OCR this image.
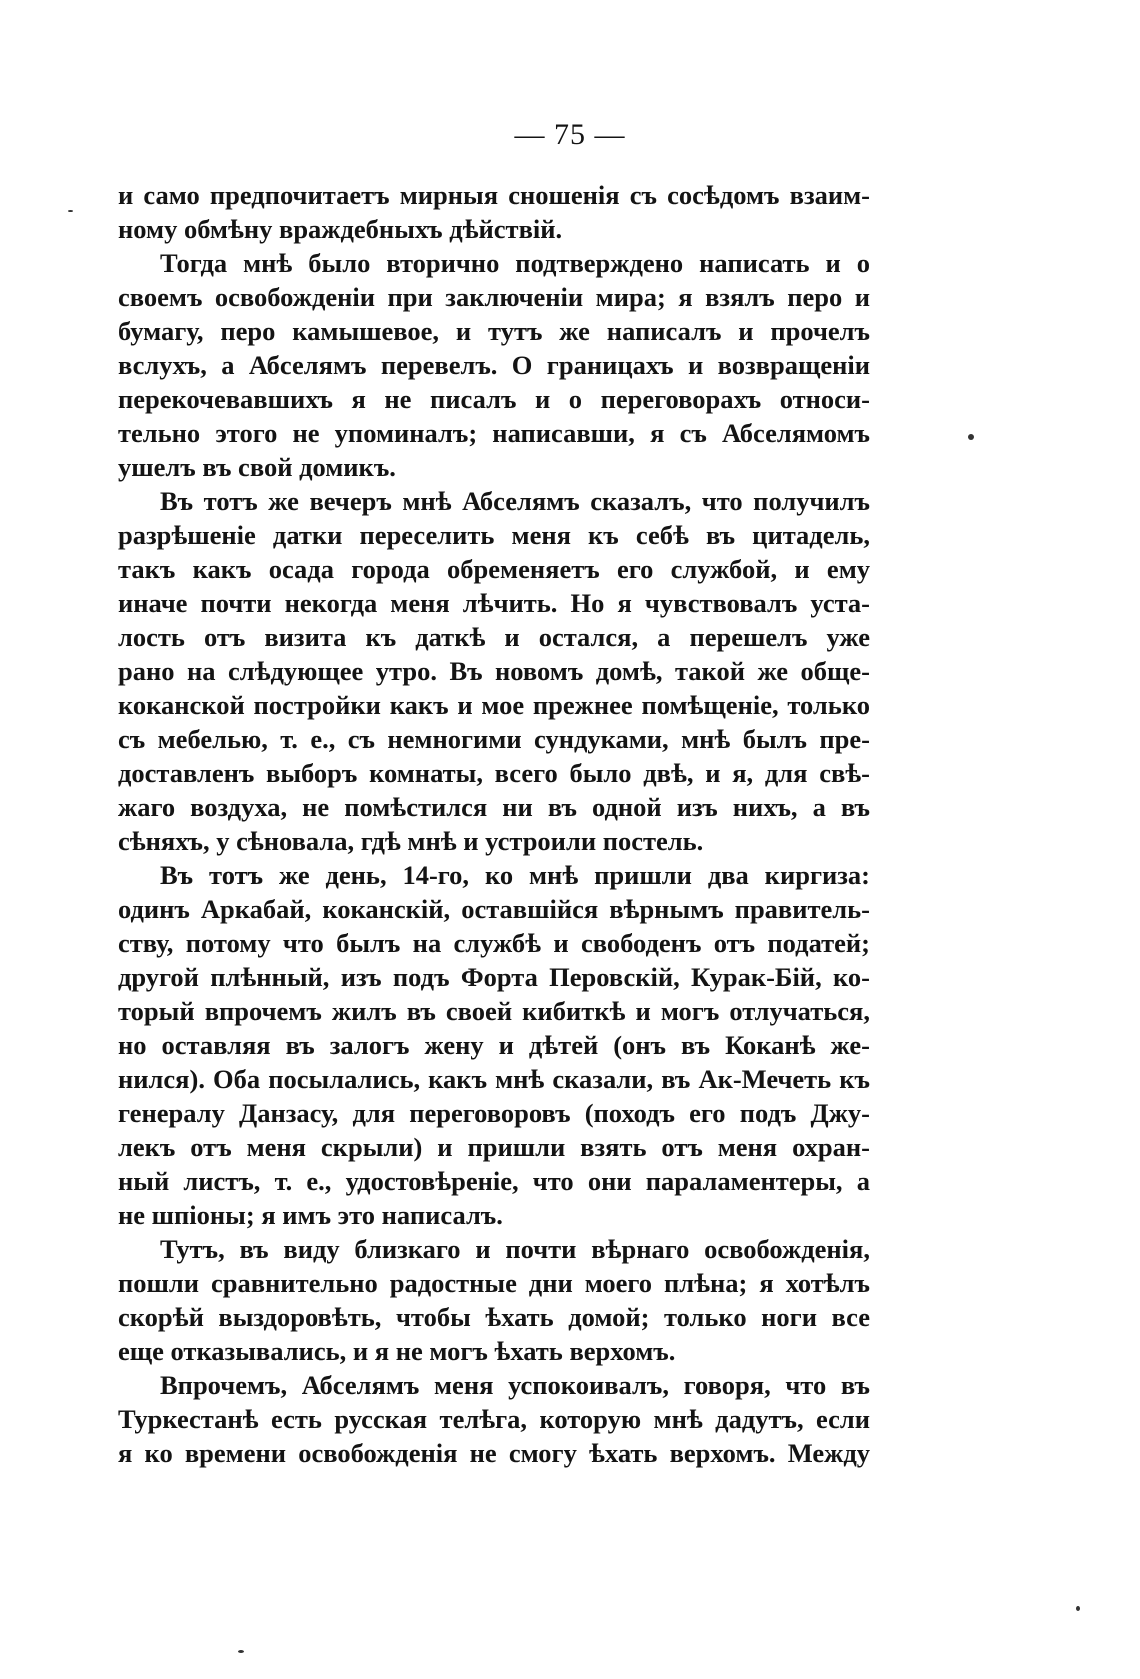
— 75 —
и само предпочитаетъ мирныя сношенія съ сосѣдомъ взаим-
ному обмѣну враждебныхъ дѣйствій.
Тогда мнѣ было вторично подтверждено написать и о
своемъ освобожденіи при заключеніи мира; я взялъ перо и
бумагу, перо камышевое, и тутъ же написалъ и прочелъ
вслухъ, а Абселямъ перевелъ. О границахъ и возвращеніи
перекочевавшихъ я не писалъ и о переговорахъ относи-
тельно этого не упоминалъ; написавши, я съ Абселямомъ
ушелъ въ свой домикъ.
Въ тотъ же вечеръ мнѣ Абселямъ сказалъ, что получилъ
разрѣшеніе датки переселить меня къ себѣ въ цитадель,
такъ какъ осада города обременяетъ его службой, и ему
иначе почти некогда меня лѣчить. Но я чувствовалъ уста-
лость отъ визита къ даткѣ и остался, а перешелъ уже
рано на слѣдующее утро. Въ новомъ домѣ, такой же обще-
коканской постройки какъ и мое прежнее помѣщеніе, только
съ мебелью, т. е., съ немногими сундуками, мнѣ былъ пре-
доставленъ выборъ комнаты, всего было двѣ, и я, для свѣ-
жаго воздуха, не помѣстился ни въ одной изъ нихъ, а въ
сѣняхъ, у сѣновала, гдѣ мнѣ и устроили постель.
Въ тотъ же день, 14-го, ко мнѣ пришли два киргиза:
одинъ Аркабай, коканскій, оставшійся вѣрнымъ правитель-
ству, потому что былъ на службѣ и свободенъ отъ податей;
другой плѣнный, изъ подъ Форта Перовскій, Курак-Бій, ко-
торый впрочемъ жилъ въ своей кибиткѣ и могъ отлучаться,
но оставляя въ залогъ жену и дѣтей (онъ въ Коканѣ же-
нился). Оба посылались, какъ мнѣ сказали, въ Ак-Мечеть къ
генералу Данзасу, для переговоровъ (походъ его подъ Джу-
лекъ отъ меня скрыли) и пришли взять отъ меня охран-
ный листъ, т. е., удостовѣреніе, что они параламентеры, а
не шпіоны; я имъ это написалъ.
Тутъ, въ виду близкаго и почти вѣрнаго освобожденія,
пошли сравнительно радостные дни моего плѣна; я хотѣлъ
скорѣй выздоровѣть, чтобы ѣхать домой; только ноги все
еще отказывались, и я не могъ ѣхать верхомъ.
Впрочемъ, Абселямъ меня успокоивалъ, говоря, что въ
Туркестанѣ есть русская телѣга, которую мнѣ дадутъ, если
я ко времени освобожденія не смогу ѣхать верхомъ. Между
